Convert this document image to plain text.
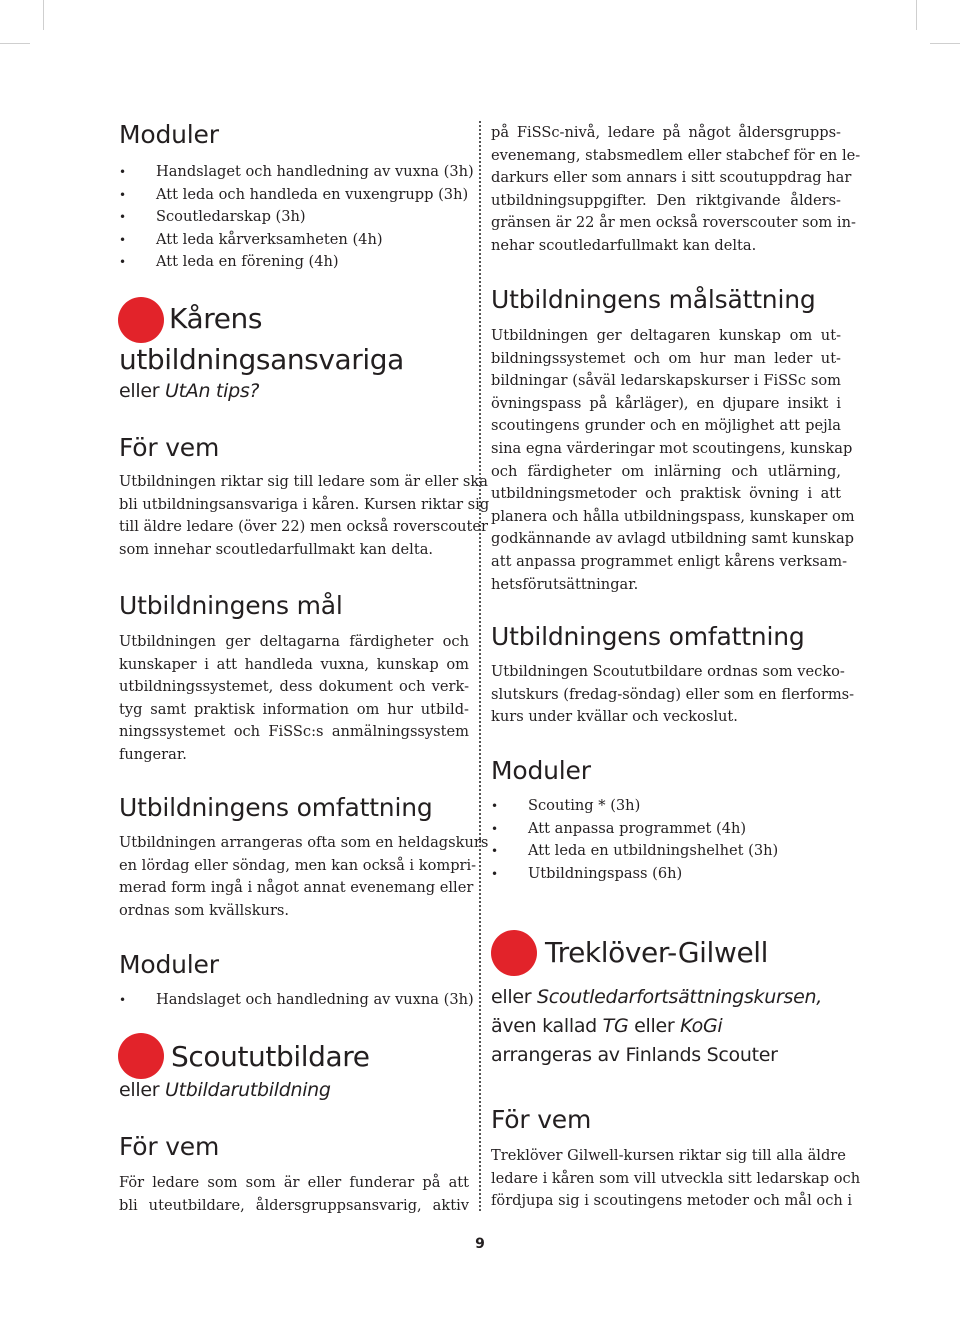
Moduler
• Handslaget och handledning av vuxna (3h)
• Att leda och handleda en vuxengrupp (3h)
• Scoutledarskap (3h)
• Att leda kårverksamheten (4h)
• Att leda en förening (4h)
Kårens
utbildningsansvariga
eller UtAn tips?
För vem
Utbildningen riktar sig till ledare som är eller ska
bli utbildningsansvariga i kåren. Kursen riktar sig
till äldre ledare (över 22) men också roverscouter
som innehar scoutledarfullmakt kan delta.
Utbildningens mål
Utbildningen ger deltagarna färdigheter och
kunskaper i att handleda vuxna, kunskap om
utbildningssystemet, dess dokument och verk-
tyg samt praktisk information om hur utbild-
ningssystemet och FiSSc:s anmälningssystem
fungerar.
Utbildningens omfattning
Utbildningen arrangeras ofta som en heldagskurs
en lördag eller söndag, men kan också i kompri-
merad form ingå i något annat evenemang eller
ordnas som kvällskurs.
Moduler
• Handslaget och handledning av vuxna (3h)
Scoututbildare
eller Utbildarutbildning
För vem
För ledare som som är eller funderar på att
bli uteutbildare, åldersgruppsansvarig, aktiv
på FiSSc-nivå, ledare på något åldersgrupps-
evenemang, stabsmedlem eller stabchef för en le-
darkurs eller som annars i sitt scoutuppdrag har
utbildningsuppgifter. Den riktgivande ålders-
gränsen är 22 år men också roverscouter som in-
nehar scoutledarfullmakt kan delta.
Utbildningens målsättning
Utbildningen ger deltagaren kunskap om ut-
bildningssystemet och om hur man leder ut-
bildningar (såväl ledarskapskurser i FiSSc som
övningspass på kårläger), en djupare insikt i
scoutingens grunder och en möjlighet att pejla
sina egna värderingar mot scoutingens, kunskap
och färdigheter om inlärning och utlärning,
utbildningsmetoder och praktisk övning i att
planera och hålla utbildningspass, kunskaper om
godkännande av avlagd utbildning samt kunskap
att anpassa programmet enligt kårens verksam-
hetsförutsättningar.
Utbildningens omfattning
Utbildningen Scoututbildare ordnas som vecko-
slutskurs (fredag-söndag) eller som en flerforms-
kurs under kvällar och veckoslut.
Moduler
• Scouting * (3h)
• Att anpassa programmet (4h)
• Att leda en utbildningshelhet (3h)
• Utbildningspass (6h)
Treklöver-Gilwell
eller Scoutledarfortsättningskursen,
även kallad TG eller KoGi
arrangeras av Finlands Scouter
För vem
Treklöver Gilwell-kursen riktar sig till alla äldre
ledare i kåren som vill utveckla sitt ledarskap och
fördjupa sig i scoutingens metoder och mål och i
9
